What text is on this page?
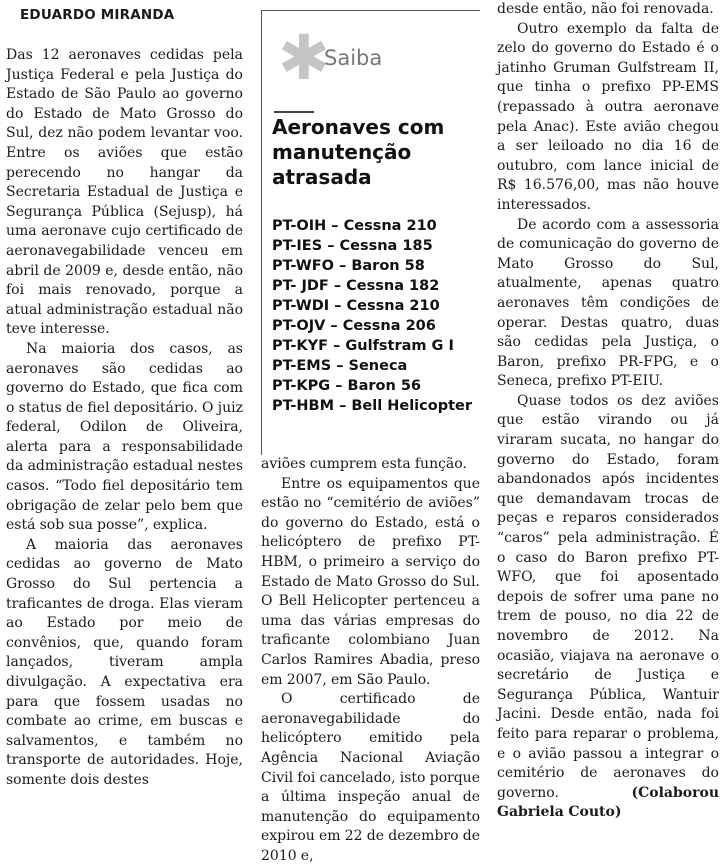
EDUARDO MIRANDA

Das 12 aeronaves cedidas pela Justiça Federal e pela Justiça do Estado de São Paulo ao governo do Estado de Mato Grosso do Sul, dez não podem levantar voo. Entre os aviões que estão perecendo no hangar da Secretaria Estadual de Justiça e Segurança Pública (Sejusp), há uma aeronave cujo certificado de aeronavegabilidade venceu em abril de 2009 e, desde então, não foi mais renovado, porque a atual administração estadual não teve interesse.

Na maioria dos casos, as aeronaves são cedidas ao governo do Estado, que fica com o status de fiel depositário. O juiz federal, Odilon de Oliveira, alerta para a responsabilidade da administração estadual nestes casos. “Todo fiel depositário tem obrigação de zelar pelo bem que está sob sua posse”, explica.

A maioria das aeronaves cedidas ao governo de Mato Grosso do Sul pertencia a traficantes de droga. Elas vieram ao Estado por meio de convênios, que, quando foram lançados, tiveram ampla divulgação. A expectativa era para que fossem usadas no combate ao crime, em buscas e salvamentos, e também no transporte de autoridades. Hoje, somente dois destes

✱
Saiba
Aeronaves com manutenção atrasada
PT-OIH – Cessna 210
PT-IES – Cessna 185
PT-WFO – Baron 58
PT- JDF – Cessna 182
PT-WDI – Cessna 210
PT-OJV – Cessna 206
PT-KYF – Gulfstram G I
PT-EMS – Seneca
PT-KPG – Baron 56
PT-HBM – Bell Helicopter

aviões cumprem esta função.

Entre os equipamentos que estão no “cemitério de aviões” do governo do Estado, está o helicóptero de prefixo PT-HBM, o primeiro a serviço do Estado de Mato Grosso do Sul. O Bell Helicopter pertenceu a uma das várias empresas do traficante colombiano Juan Carlos Ramires Abadia, preso em 2007, em São Paulo.

O certificado de aeronavegabilidade do helicóptero emitido pela Agência Nacional Aviação Civil foi cancelado, isto porque a última inspeção anual de manutenção do equipamento expirou em 22 de dezembro de 2010 e,

desde então, não foi renovada.

Outro exemplo da falta de zelo do governo do Estado é o jatinho Gruman Gulfstream II, que tinha o prefixo PP-EMS (repassado à outra aeronave pela Anac). Este avião chegou a ser leiloado no dia 16 de outubro, com lance inicial de R$ 16.576,00, mas não houve interessados.

De acordo com a assessoria de comunicação do governo de Mato Grosso do Sul, atualmente, apenas quatro aeronaves têm condições de operar. Destas quatro, duas são cedidas pela Justiça, o Baron, prefixo PR-FPG, e o Seneca, prefixo PT-EIU.

Quase todos os dez aviões que estão virando ou já viraram sucata, no hangar do governo do Estado, foram abandonados após incidentes que demandavam trocas de peças e reparos considerados “caros” pela administração. É o caso do Baron prefixo PT-WFO, que foi aposentado depois de sofrer uma pane no trem de pouso, no dia 22 de novembro de 2012. Na ocasião, viajava na aeronave o secretário de Justiça e Segurança Pública, Wantuir Jacini. Desde então, nada foi feito para reparar o problema, e o avião passou a integrar o cemitério de aeronaves do governo.	(Colaborou Gabriela Couto)
